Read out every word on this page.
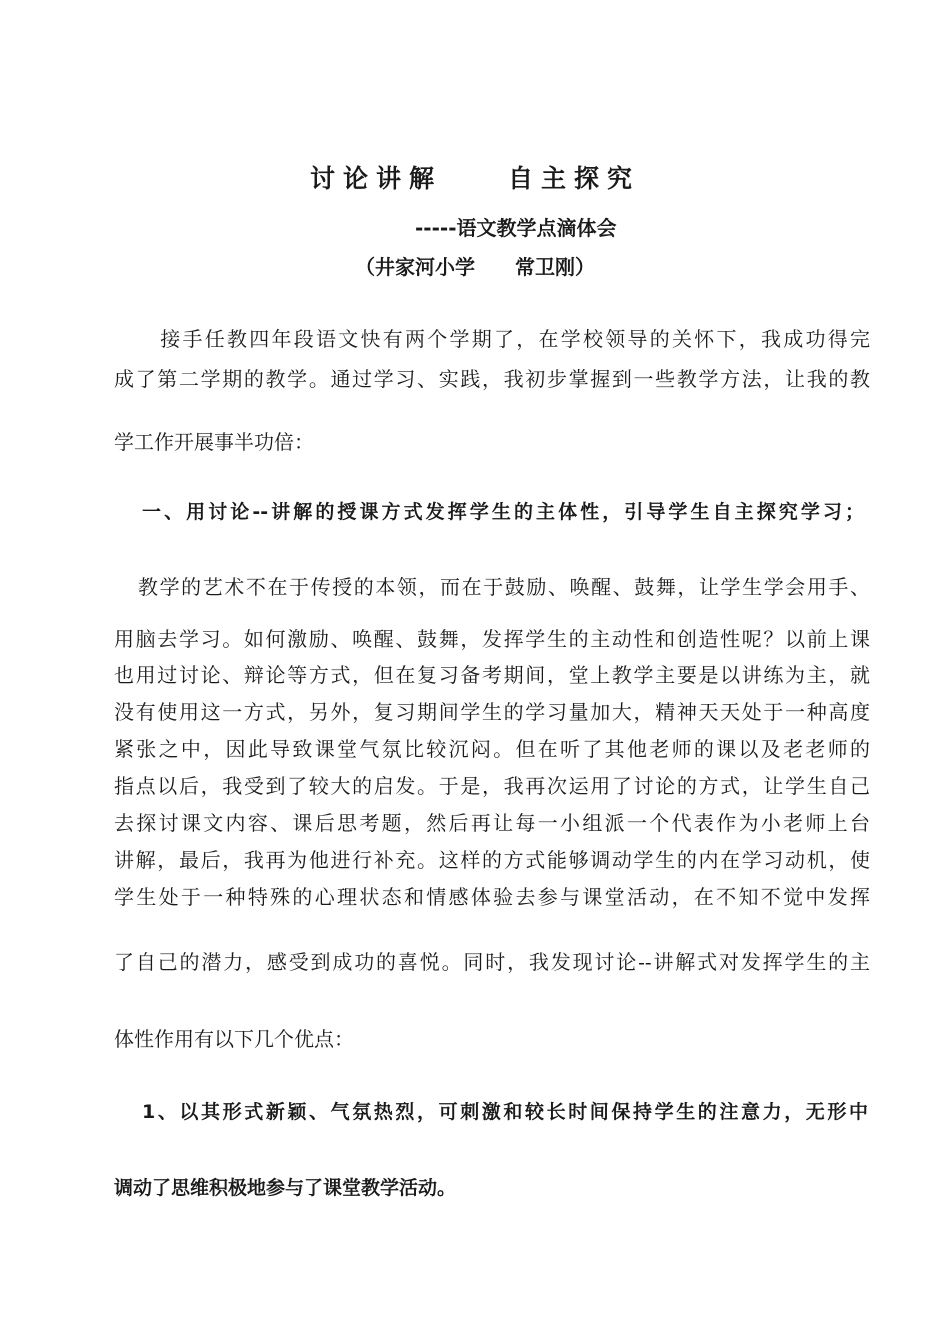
讨论讲解　　自主探究
-----语文教学点滴体会
（井家河小学　　常卫刚）
　接手任教四年段语文快有两个学期了，在学校领导的关怀下，我成功得完
成了第二学期的教学。通过学习、实践，我初步掌握到一些教学方法，让我的教
学工作开展事半功倍：
一、用讨论--讲解的授课方式发挥学生的主体性，引导学生自主探究学习；
教学的艺术不在于传授的本领，而在于鼓励、唤醒、鼓舞，让学生学会用手、
用脑去学习。如何激励、唤醒、鼓舞，发挥学生的主动性和创造性呢？以前上课
也用过讨论、辩论等方式，但在复习备考期间，堂上教学主要是以讲练为主，就
没有使用这一方式，另外，复习期间学生的学习量加大，精神天天处于一种高度
紧张之中，因此导致课堂气氛比较沉闷。但在听了其他老师的课以及老老师的
指点以后，我受到了较大的启发。于是，我再次运用了讨论的方式，让学生自己
去探讨课文内容、课后思考题，然后再让每一小组派一个代表作为小老师上台
讲解，最后，我再为他进行补充。这样的方式能够调动学生的内在学习动机，使
学生处于一种特殊的心理状态和情感体验去参与课堂活动，在不知不觉中发挥
了自己的潜力，感受到成功的喜悦。同时，我发现讨论--讲解式对发挥学生的主
体性作用有以下几个优点：
1、以其形式新颖、气氛热烈，可刺激和较长时间保持学生的注意力，无形中
调动了思维积极地参与了课堂教学活动。
